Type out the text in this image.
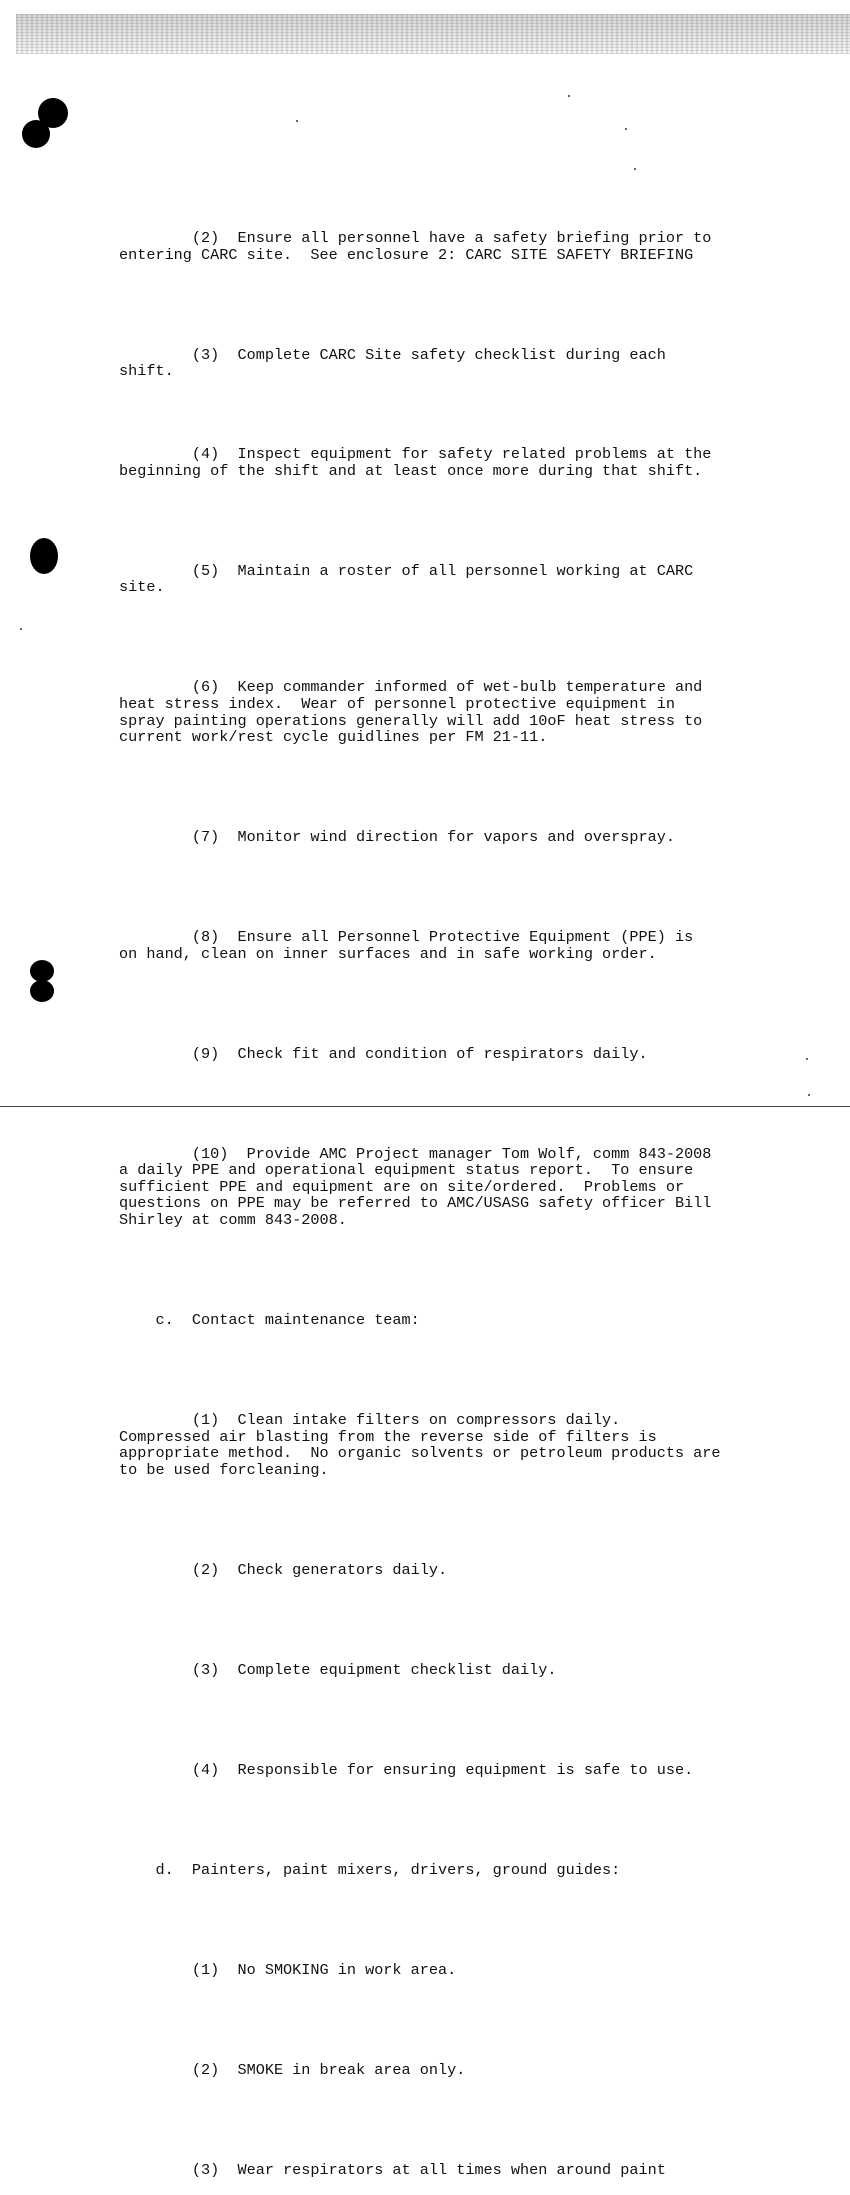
(2)  Ensure all personnel have a safety briefing prior to
entering CARC site.  See enclosure 2: CARC SITE SAFETY BRIEFING

(3)  Complete CARC Site safety checklist during each
shift.

(4)  Inspect equipment for safety related problems at the
beginning of the shift and at least once more during that shift.

(5)  Maintain a roster of all personnel working at CARC
site.

(6)  Keep commander informed of wet-bulb temperature and
heat stress index.  Wear of personnel protective equipment in
spray painting operations generally will add 10oF heat stress to
current work/rest cycle guidlines per FM 21-11.

(7)  Monitor wind direction for vapors and overspray.

(8)  Ensure all Personnel Protective Equipment (PPE) is
on hand, clean on inner surfaces and in safe working order.

(9)  Check fit and condition of respirators daily.

(10)  Provide AMC Project manager Tom Wolf, comm 843-2008
a daily PPE and operational equipment status report.  To ensure
sufficient PPE and equipment are on site/ordered.  Problems or
questions on PPE may be referred to AMC/USASG safety officer Bill
Shirley at comm 843-2008.

c.  Contact maintenance team:

(1)  Clean intake filters on compressors daily.
Compressed air blasting from the reverse side of filters is
appropriate method.  No organic solvents or petroleum products are
to be used forcleaning.

(2)  Check generators daily.

(3)  Complete equipment checklist daily.

(4)  Responsible for ensuring equipment is safe to use.

d.  Painters, paint mixers, drivers, ground guides:

(1)  No SMOKING in work area.

(2)  SMOKE in break area only.

(3)  Wear respirators at all times when around paint
